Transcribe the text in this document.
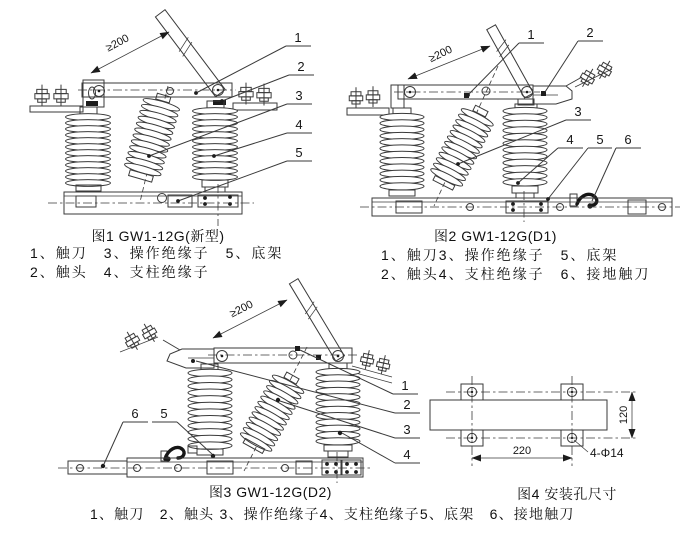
≥200	1
2
3
4
5
≥200
1	2
3
4 5 6
≥200
1
2
3
4
6 5
220
120
4-Φ14
图1 GW1-12G(新型)
1、触刀　3、操作绝缘子　5、底架
2、触头　4、支柱绝缘子
图2 GW1-12G(D1)
1、触刀3、操作绝缘子　5、底架
2、触头4、支柱绝缘子　6、接地触刀
图3 GW1-12G(D2)	图4 安装孔尺寸
1、触刀　2、触头 3、操作绝缘子4、支柱绝缘子5、底架　6、接地触刀
